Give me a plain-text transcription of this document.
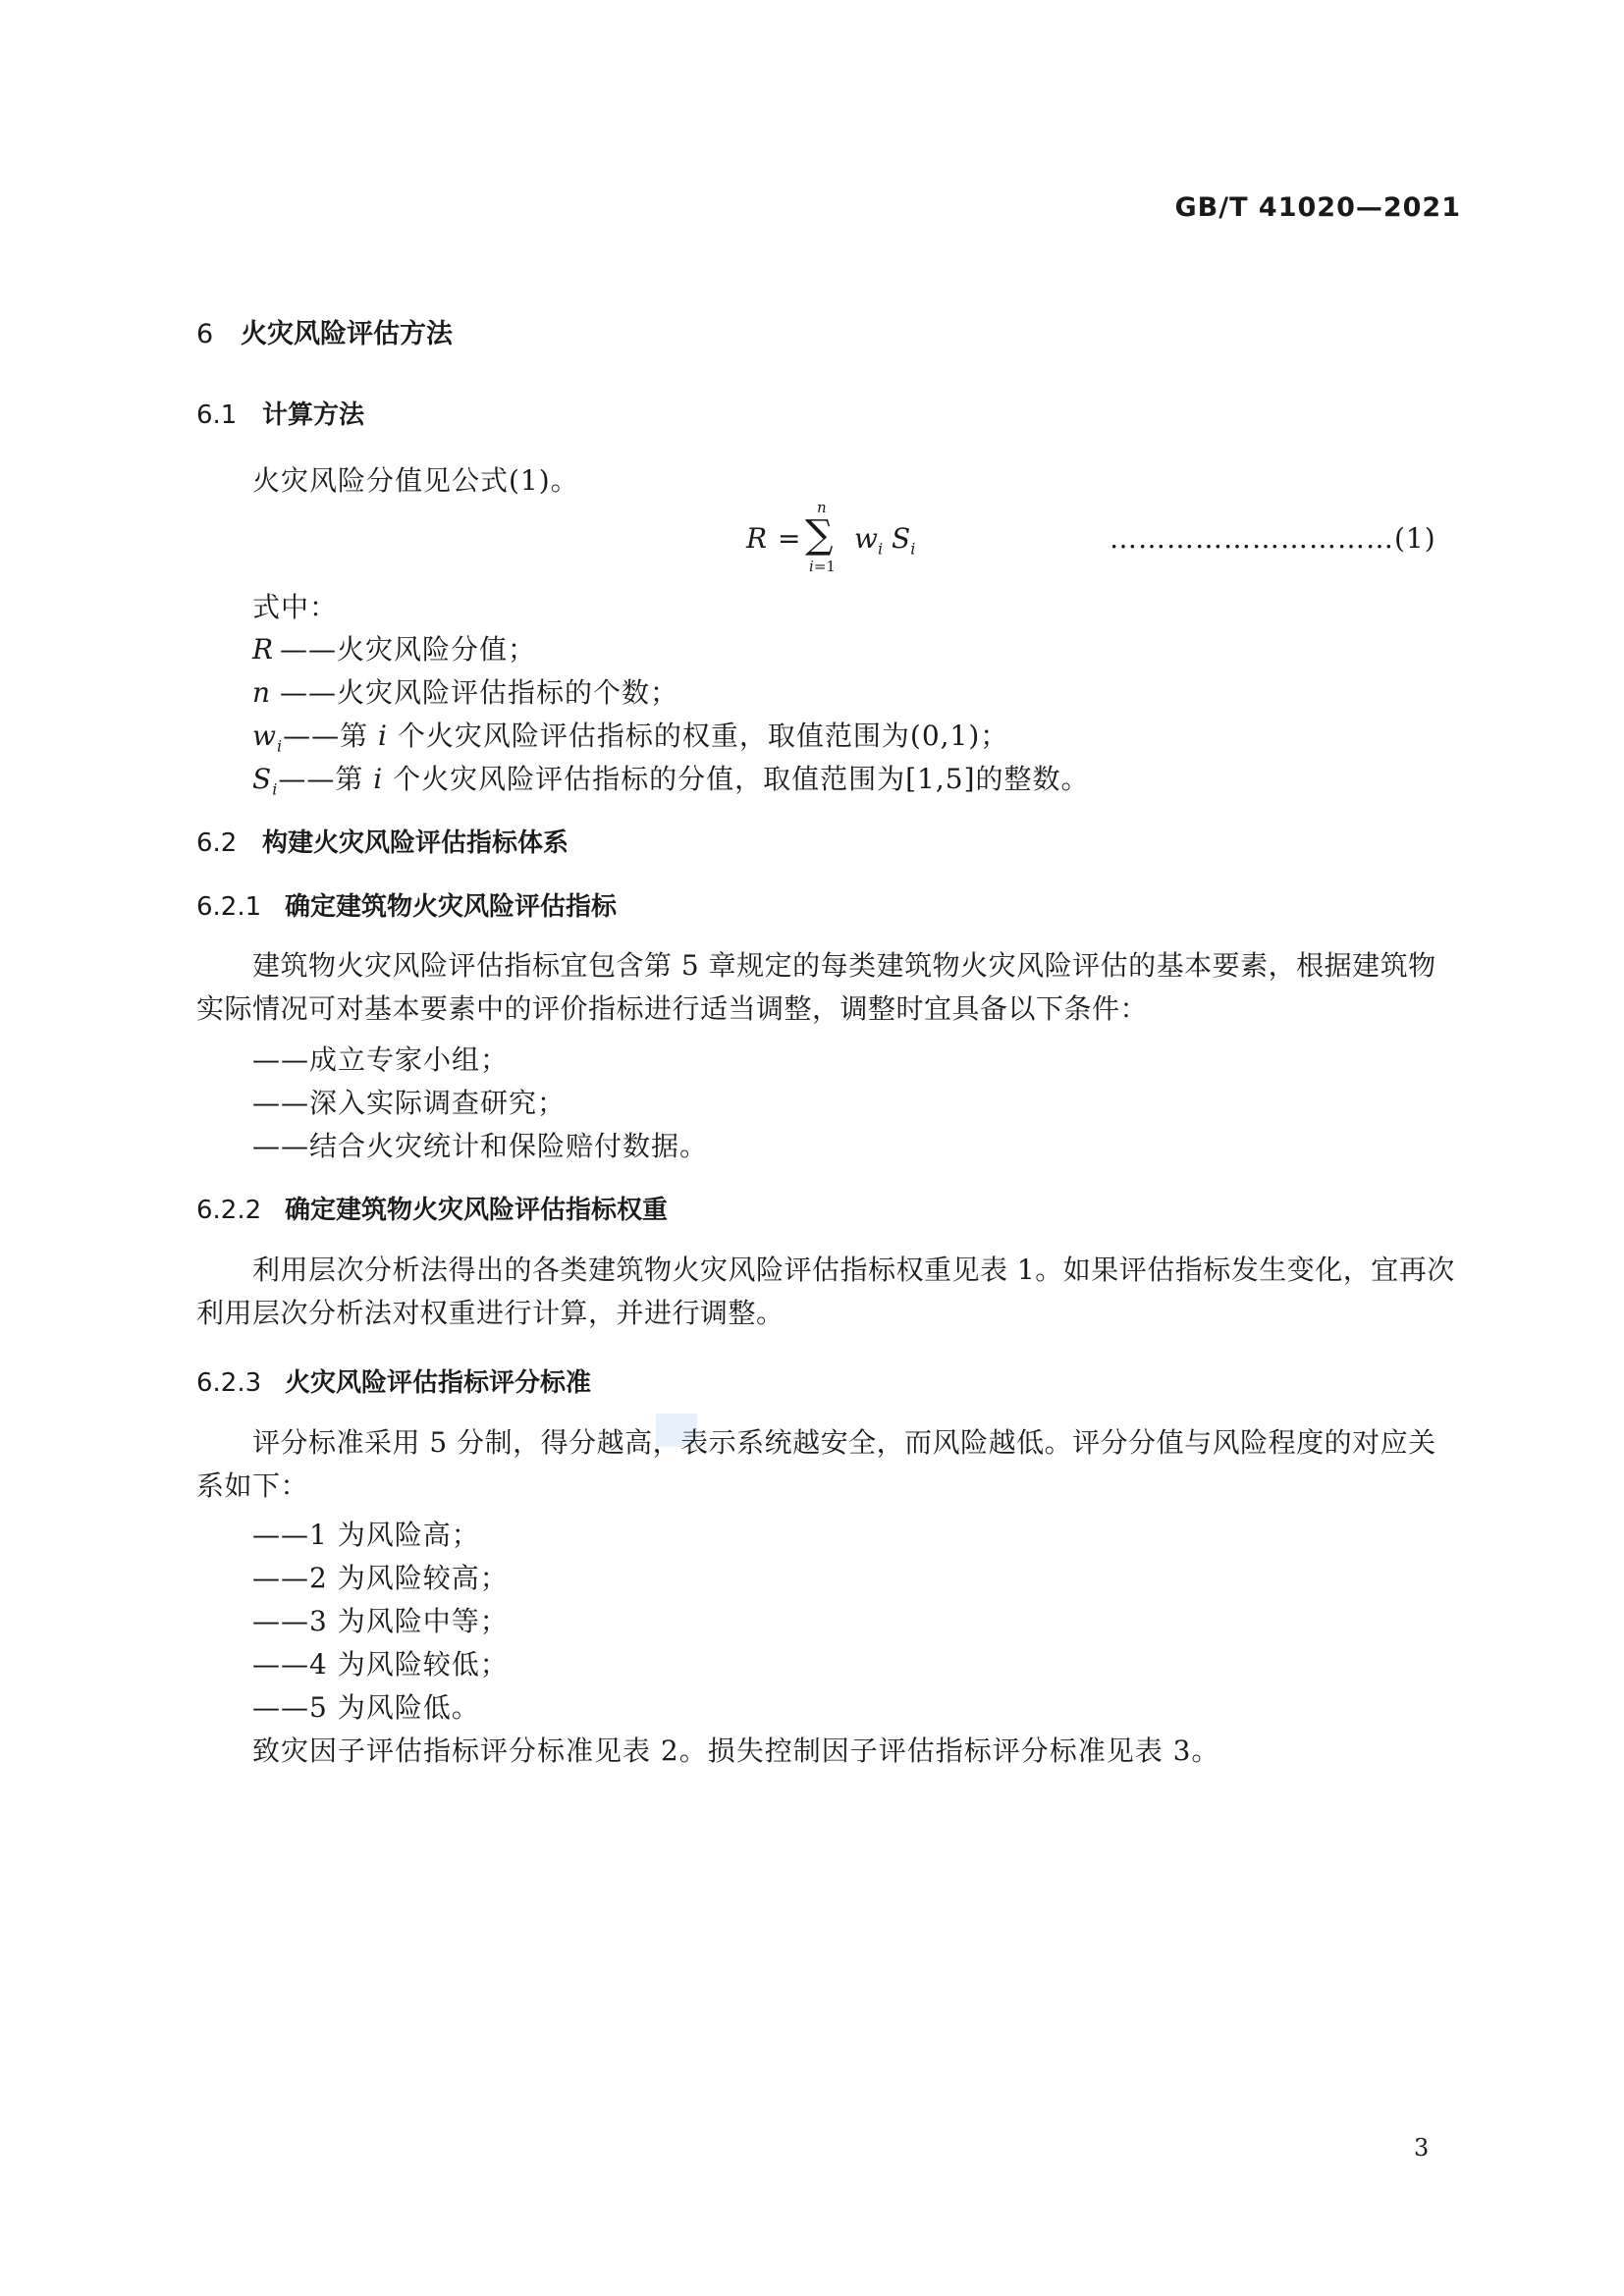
GB/T 41020—2021
6 火灾风险评估方法
6.1 计算方法
火灾风险分值见公式(1)。
R = ∑
n
i=1
$w_i$ $S_i$	…………………………(1)
式中：
R ——火灾风险分值；
n ——火灾风险评估指标的个数；
$w_i——$第 i 个火灾风险评估指标的权重，取值范围为(0,1)；
$S_i——$第 i 个火灾风险评估指标的分值，取值范围为[1,5]的整数。
6.2 构建火灾风险评估指标体系
6.2.1 确定建筑物火灾风险评估指标
建筑物火灾风险评估指标宜包含第 5 章规定的每类建筑物火灾风险评估的基本要素，根据建筑物实际情况可对基本要素中的评价指标进行适当调整，调整时宜具备以下条件：
——成立专家小组；
——深入实际调查研究；
——结合火灾统计和保险赔付数据。
6.2.2 确定建筑物火灾风险评估指标权重
利用层次分析法得出的各类建筑物火灾风险评估指标权重见表 1。如果评估指标发生变化，宜再次利用层次分析法对权重进行计算，并进行调整。
6.2.3 火灾风险评估指标评分标准
评分标准采用 5 分制，得分越高，表示系统越安全，而风险越低。评分分值与风险程度的对应关系如下：
——1 为风险高；
——2 为风险较高；
——3 为风险中等；
——4 为风险较低；
——5 为风险低。
致灾因子评估指标评分标准见表 2。损失控制因子评估指标评分标准见表 3。
3
